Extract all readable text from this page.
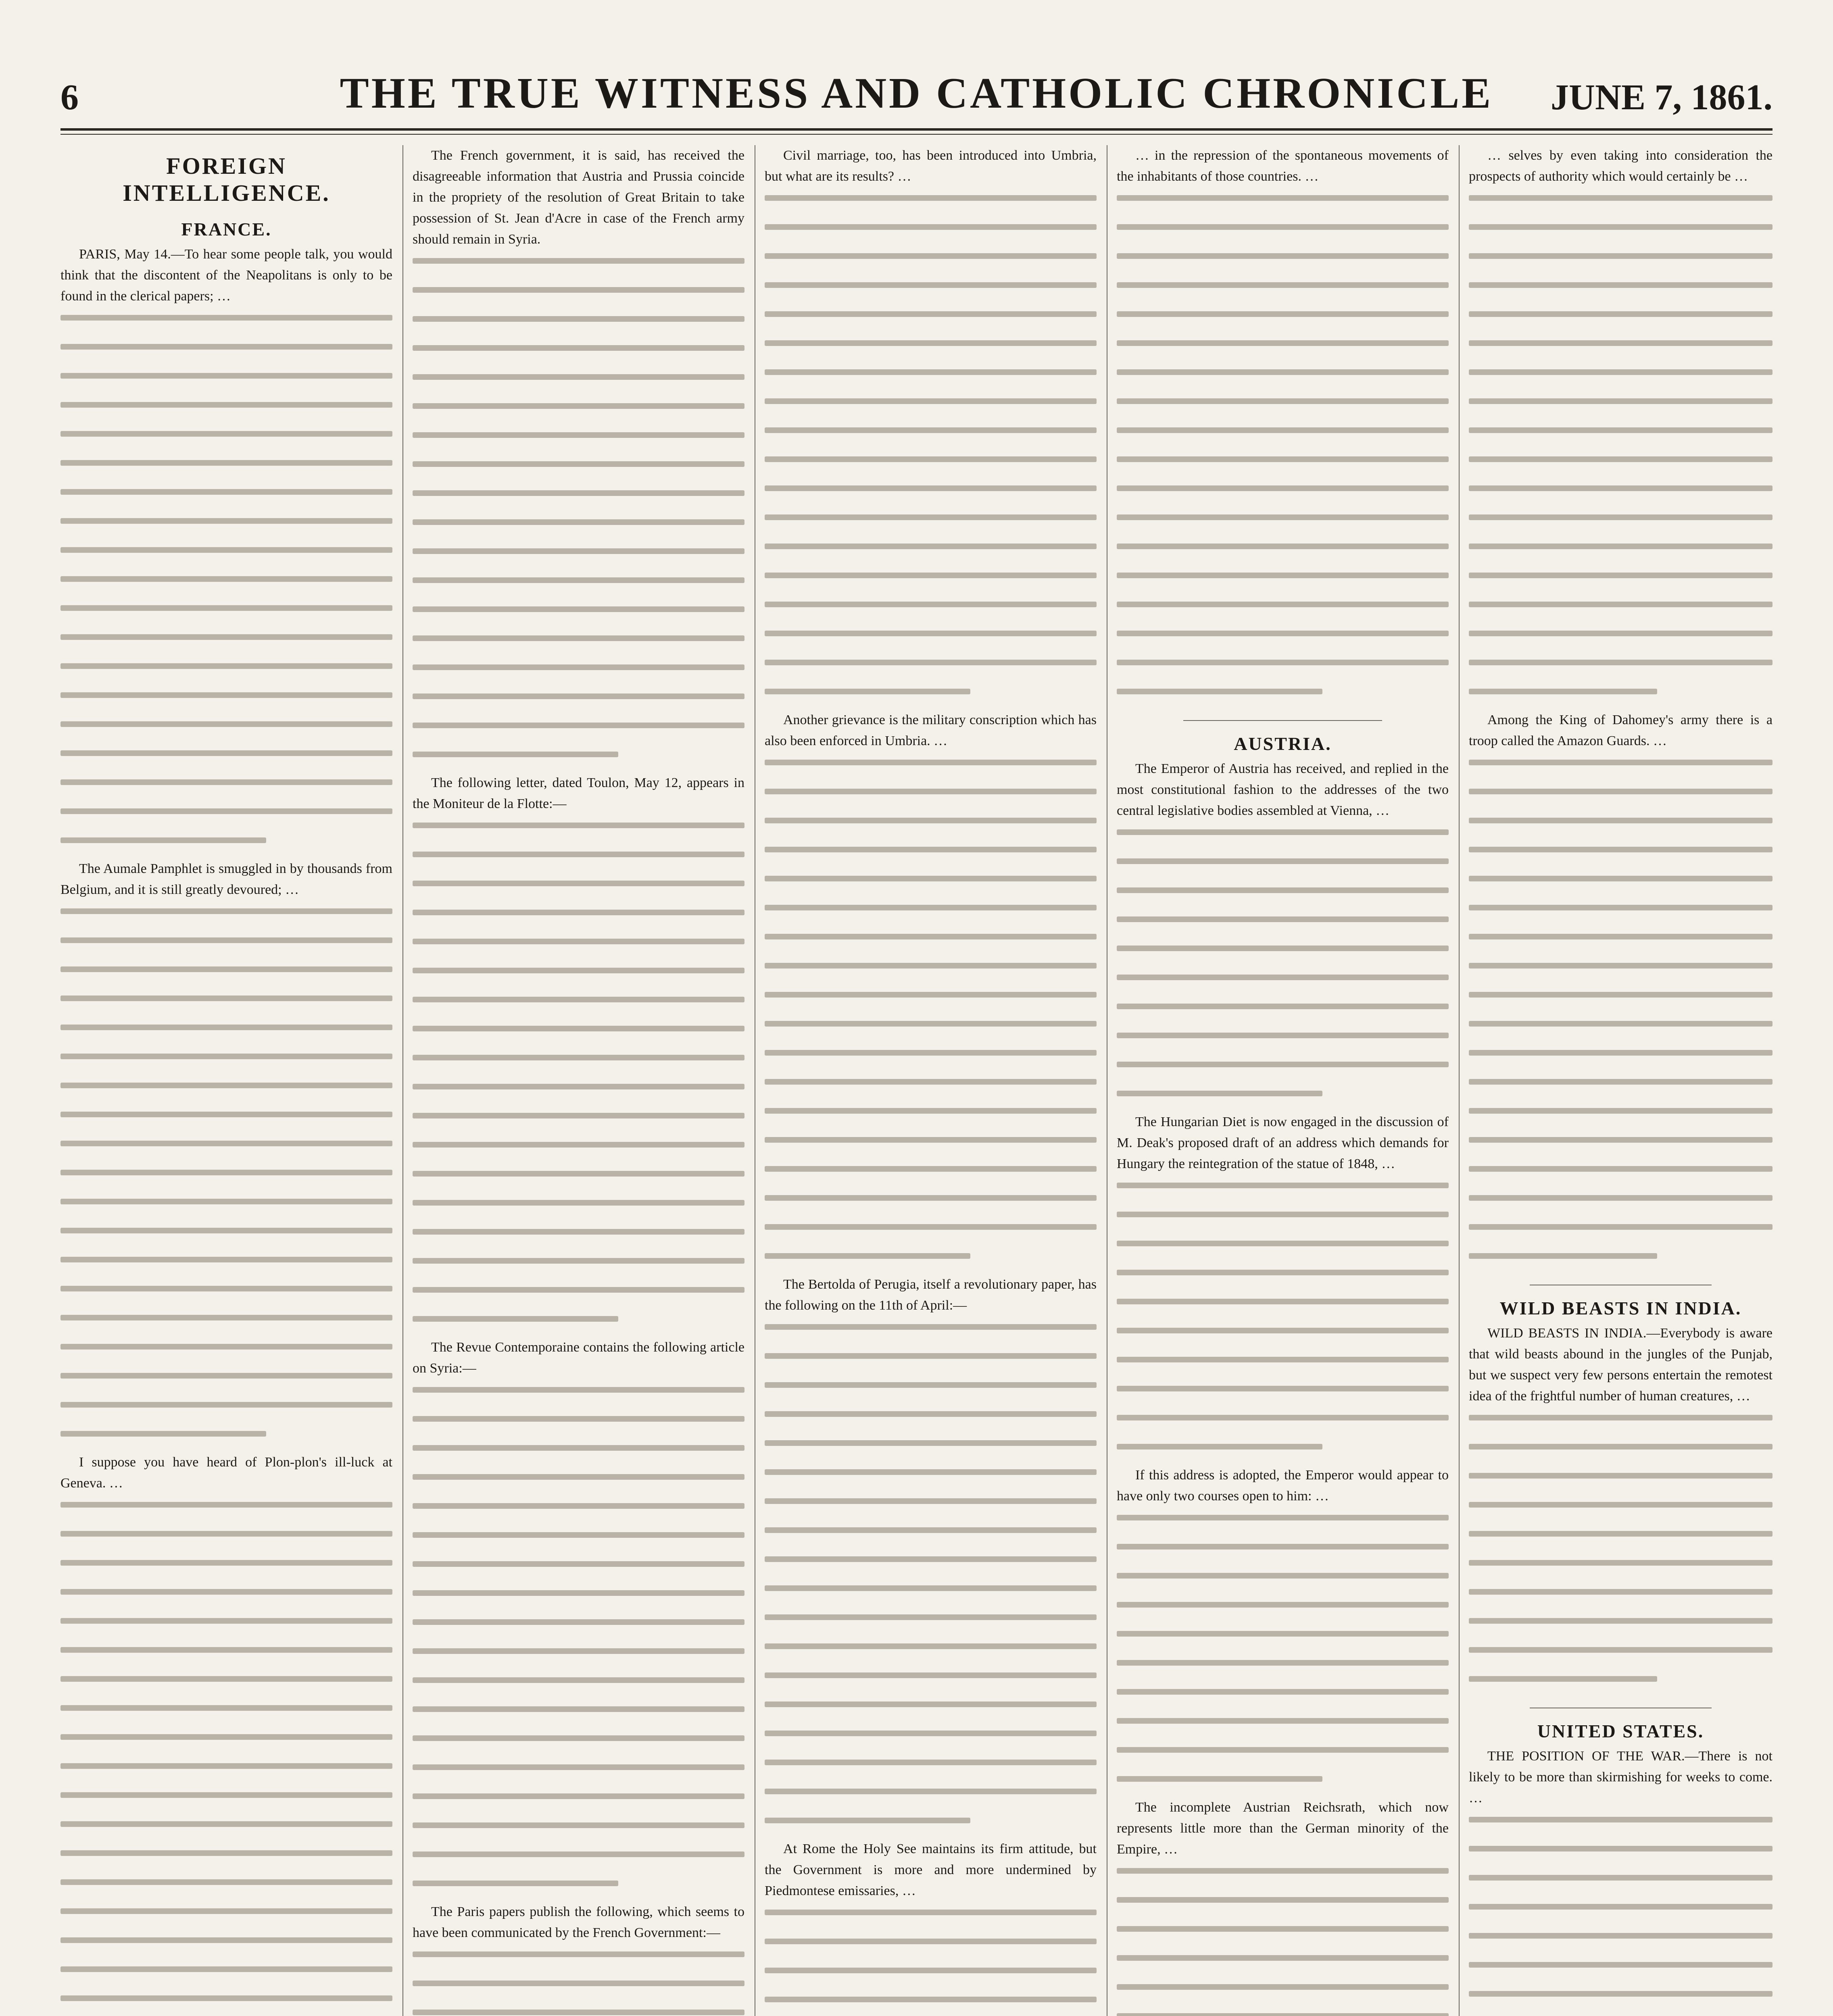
6	THE TRUE WITNESS AND CATHOLIC CHRONICLE	JUNE 7, 1861.
FOREIGN INTELLIGENCE.
FRANCE.

PARIS, May 14.—To hear some people talk, you would think that the discontent of the Neapolitans is only to be found in the clerical papers; …

The Aumale Pamphlet is smuggled in by thousands from Belgium, and it is still greatly devoured; …

I suppose you have heard of Plon-plon's ill-luck at Geneva. …

The French government, it is said, has received the disagreeable information that Austria and Prussia coincide in the propriety of the resolution of Great Britain to take possession of St. Jean d'Acre in case of the French army should remain in Syria.

The following letter, dated Toulon, May 12, appears in the Moniteur de la Flotte:—

The Revue Contemporaine contains the following article on Syria:—

The Paris papers publish the following, which seems to have been communicated by the French Government:—

Civil marriage, too, has been introduced into Umbria, but what are its results? …

Another grievance is the military conscription which has also been enforced in Umbria. …

The Bertolda of Perugia, itself a revolutionary paper, has the following on the 11th of April:—

At Rome the Holy See maintains its firm attitude, but the Government is more and more undermined by Piedmontese emissaries, …

… in the repression of the spontaneous movements of the inhabitants of those countries. …

AUSTRIA.

The Emperor of Austria has received, and replied in the most constitutional fashion to the addresses of the two central legislative bodies assembled at Vienna, …

The Hungarian Diet is now engaged in the discussion of M. Deak's proposed draft of an address which demands for Hungary the reintegration of the statue of 1848, …

If this address is adopted, the Emperor would appear to have only two courses open to him: …

The incomplete Austrian Reichsrath, which now represents little more than the German minority of the Empire, …

… selves by even taking into consideration the prospects of authority which would certainly be …

Among the King of Dahomey's army there is a troop called the Amazon Guards. …

WILD BEASTS IN INDIA.

WILD BEASTS IN INDIA.—Everybody is aware that wild beasts abound in the jungles of the Punjab, but we suspect very few persons entertain the remotest idea of the frightful number of human creatures, …

UNITED STATES.

THE POSITION OF THE WAR.—There is not likely to be more than skirmishing for weeks to come. …
